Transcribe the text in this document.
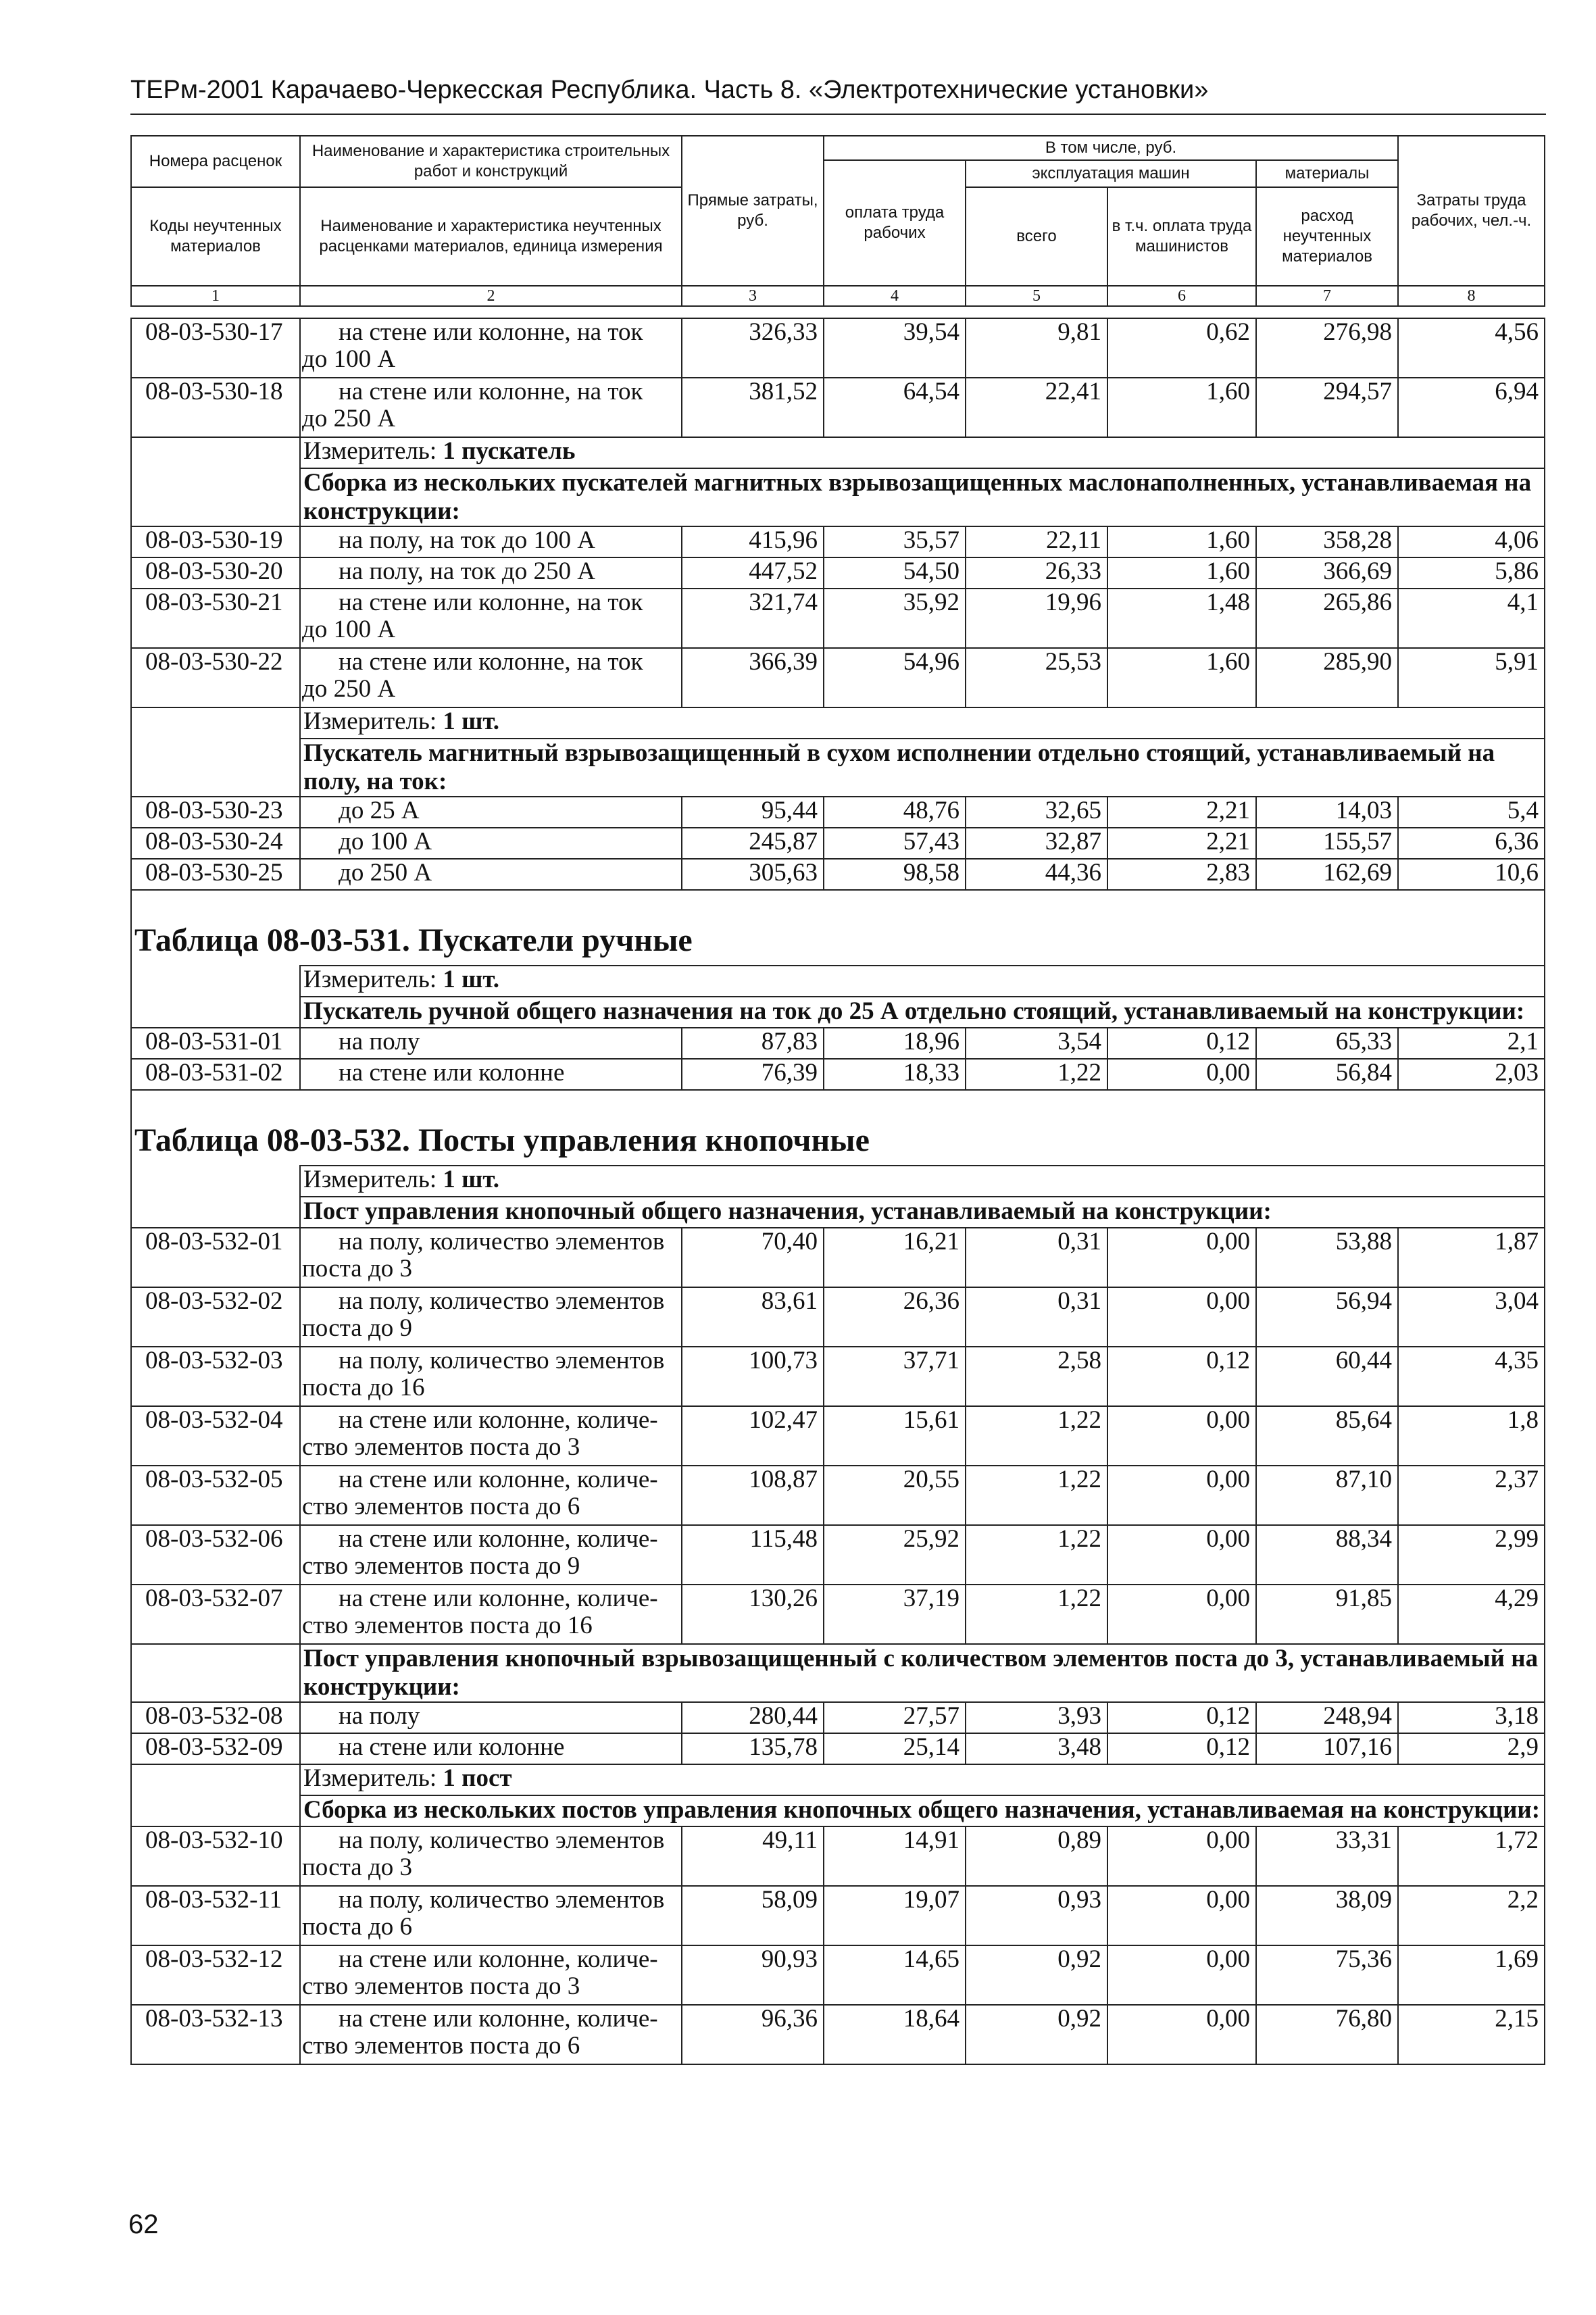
ТЕРм-2001 Карачаево-Черкесская Республика. Часть 8. «Электротехнические установки»
Номера расценок	Наименование и характеристика строительных работ и конструкций	Прямые затраты, руб.	В том числе, руб.				Затраты труда рабочих, чел.-ч.
			оплата труда рабочих	эксплуатация машин		материалы	
Коды неучтенных материалов	Наименование и характеристика неучтенных расценками материалов, единица измерения			всего	в т.ч. оплата труда машинистов	расход неучтенных материалов	

1	2	3	4	5	6	7	8
08-03-530-17	на стене или колонне, на ток
до 100 А	326,33	39,54	9,81	0,62	276,98	4,56
08-03-530-18	на стене или колонне, на ток
до 250 А	381,52	64,54	22,41	1,60	294,57	6,94
	Измеритель: 1 пускатель						
	Сборка из нескольких пускателей магнитных взрывозащищенных маслонаполненных, устанавливаемая на конструкции:						
08-03-530-19	на полу, на ток до 100 А	415,96	35,57	22,11	1,60	358,28	4,06
08-03-530-20	на полу, на ток до 250 А	447,52	54,50	26,33	1,60	366,69	5,86
08-03-530-21	на стене или колонне, на ток
до 100 А	321,74	35,92	19,96	1,48	265,86	4,1
08-03-530-22	на стене или колонне, на ток
до 250 А	366,39	54,96	25,53	1,60	285,90	5,91
	Измеритель: 1 шт.						
	Пускатель магнитный взрывозащищенный в сухом исполнении отдельно стоящий, устанавливаемый на полу, на ток:						
08-03-530-23	до 25 А	95,44	48,76	32,65	2,21	14,03	5,4
08-03-530-24	до 100 А	245,87	57,43	32,87	2,21	155,57	6,36
08-03-530-25	до 250 А	305,63	98,58	44,36	2,83	162,69	10,6

Таблица 08-03-531. Пускатели ручные							
	Измеритель: 1 шт.						
	Пускатель ручной общего назначения на ток до 25 А отдельно стоящий, устанавливаемый на конструкции:						
08-03-531-01	на полу	87,83	18,96	3,54	0,12	65,33	2,1
08-03-531-02	на стене или колонне	76,39	18,33	1,22	0,00	56,84	2,03

Таблица 08-03-532. Посты управления кнопочные							
	Измеритель: 1 шт.						
	Пост управления кнопочный общего назначения, устанавливаемый на конструкции:						
08-03-532-01	на полу, количество элементов
поста до 3	70,40	16,21	0,31	0,00	53,88	1,87
08-03-532-02	на полу, количество элементов
поста до 9	83,61	26,36	0,31	0,00	56,94	3,04
08-03-532-03	на полу, количество элементов
поста до 16	100,73	37,71	2,58	0,12	60,44	4,35
08-03-532-04	на стене или колонне, количе-
ство элементов поста до 3	102,47	15,61	1,22	0,00	85,64	1,8
08-03-532-05	на стене или колонне, количе-
ство элементов поста до 6	108,87	20,55	1,22	0,00	87,10	2,37
08-03-532-06	на стене или колонне, количе-
ство элементов поста до 9	115,48	25,92	1,22	0,00	88,34	2,99
08-03-532-07	на стене или колонне, количе-
ство элементов поста до 16	130,26	37,19	1,22	0,00	91,85	4,29
	Пост управления кнопочный взрывозащищенный с количеством элементов поста до 3, устанавливаемый на конструкции:						
08-03-532-08	на полу	280,44	27,57	3,93	0,12	248,94	3,18
08-03-532-09	на стене или колонне	135,78	25,14	3,48	0,12	107,16	2,9
	Измеритель: 1 пост						
	Сборка из нескольких постов управления кнопочных общего назначения, устанавливаемая на конструкции:						
08-03-532-10	на полу, количество элементов
поста до 3	49,11	14,91	0,89	0,00	33,31	1,72
08-03-532-11	на полу, количество элементов
поста до 6	58,09	19,07	0,93	0,00	38,09	2,2
08-03-532-12	на стене или колонне, количе-
ство элементов поста до 3	90,93	14,65	0,92	0,00	75,36	1,69
08-03-532-13	на стене или колонне, количе-
ство элементов поста до 6	96,36	18,64	0,92	0,00	76,80	2,15
62
